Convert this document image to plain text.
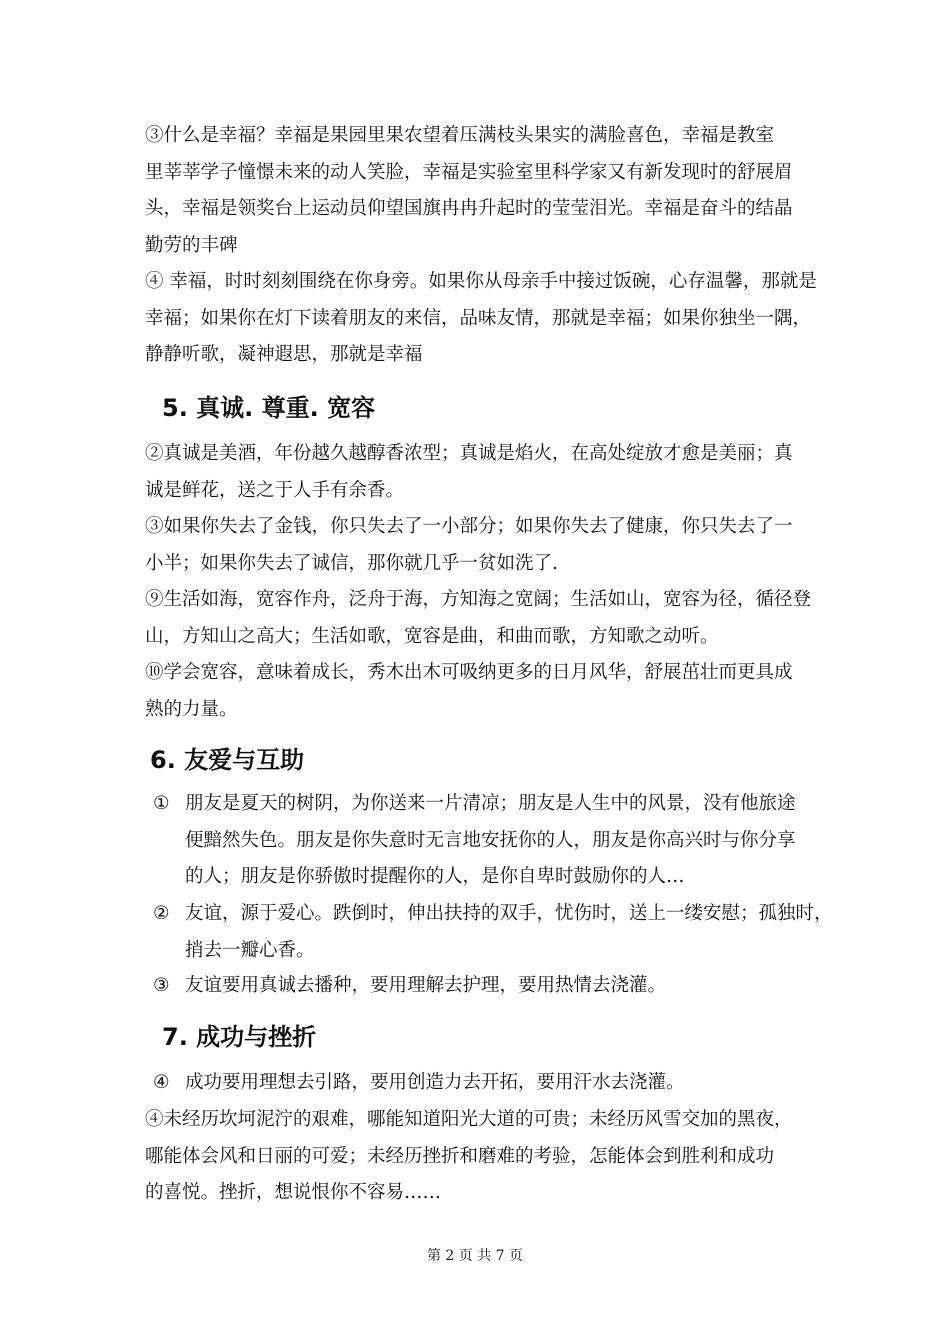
③什么是幸福？幸福是果园里果农望着压满枝头果实的满脸喜色，幸福是教室
里莘莘学子憧憬未来的动人笑脸，幸福是实验室里科学家又有新发现时的舒展眉
头，幸福是领奖台上运动员仰望国旗冉冉升起时的莹莹泪光。幸福是奋斗的结晶
勤劳的丰碑
④ 幸福，时时刻刻围绕在你身旁。如果你从母亲手中接过饭碗，心存温馨，那就是
幸福；如果你在灯下读着朋友的来信，品味友情，那就是幸福；如果你独坐一隅，
静静听歌，凝神遐思，那就是幸福
5. 真诚. 尊重. 宽容
②真诚是美酒，年份越久越醇香浓型；真诚是焰火，在高处绽放才愈是美丽；真
诚是鲜花，送之于人手有余香。
③如果你失去了金钱，你只失去了一小部分；如果你失去了健康，你只失去了一
小半；如果你失去了诚信，那你就几乎一贫如洗了.
⑨生活如海，宽容作舟，泛舟于海，方知海之宽阔；生活如山，宽容为径，循径登
山，方知山之高大；生活如歌，宽容是曲，和曲而歌，方知歌之动听。
⑩学会宽容，意味着成长，秀木出木可吸纳更多的日月风华，舒展茁壮而更具成
熟的力量。
6. 友爱与互助
① 朋友是夏天的树阴，为你送来一片清凉；朋友是人生中的风景，没有他旅途
便黯然失色。朋友是你失意时无言地安抚你的人，朋友是你高兴时与你分享
的人；朋友是你骄傲时提醒你的人，是你自卑时鼓励你的人…
② 友谊，源于爱心。跌倒时，伸出扶持的双手，忧伤时，送上一缕安慰；孤独时，
捎去一瓣心香。
③ 友谊要用真诚去播种，要用理解去护理，要用热情去浇灌。
7. 成功与挫折
④ 成功要用理想去引路，要用创造力去开拓，要用汗水去浇灌。
④未经历坎坷泥泞的艰难，哪能知道阳光大道的可贵；未经历风雪交加的黑夜，
哪能体会风和日丽的可爱；未经历挫折和磨难的考验，怎能体会到胜利和成功
的喜悦。挫折，想说恨你不容易……
第 2 页 共 7 页
